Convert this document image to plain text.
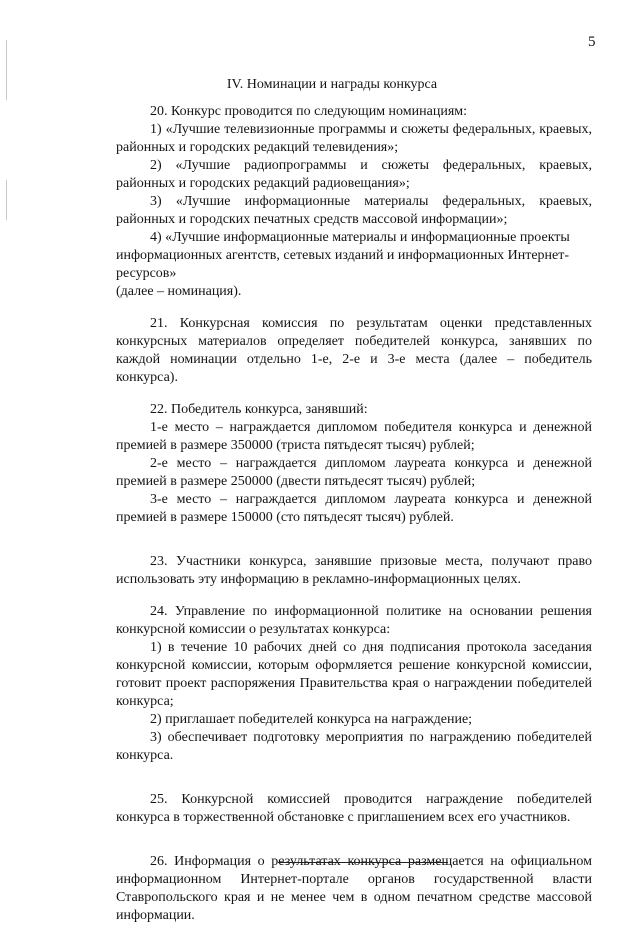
5
IV. Номинации и награды конкурса

20. Конкурс проводится по следующим номинациям:

1) «Лучшие телевизионные программы и сюжеты федеральных, краевых, районных и городских редакций телевидения»;

2) «Лучшие радиопрограммы и сюжеты федеральных, краевых, районных и городских редакций радиовещания»;

3) «Лучшие информационные материалы федеральных, краевых, районных и городских печатных средств массовой информации»;

4) «Лучшие информационные материалы и информационные проекты информационных агентств, сетевых изданий и информационных Интернет-ресурсов»

(далее – номинация).

21. Конкурсная комиссия по результатам оценки представленных конкурсных материалов определяет победителей конкурса, занявших по каждой номинации отдельно 1-е, 2-е и 3-е места (далее – победитель конкурса).

22. Победитель конкурса, занявший:

1-е место – награждается дипломом победителя конкурса и денежной премией в размере 350000 (триста пятьдесят тысяч) рублей;

2-е место – награждается дипломом лауреата конкурса и денежной премией в размере 250000 (двести пятьдесят тысяч) рублей;

3-е место – награждается дипломом лауреата конкурса и денежной премией в размере 150000 (сто пятьдесят тысяч) рублей.

23. Участники конкурса, занявшие призовые места, получают право использовать эту информацию в рекламно-информационных целях.

24. Управление по информационной политике на основании решения конкурсной комиссии о результатах конкурса:

1) в течение 10 рабочих дней со дня подписания протокола заседания конкурсной комиссии, которым оформляется решение конкурсной комиссии, готовит проект распоряжения Правительства края о награждении победителей конкурса;

2) приглашает победителей конкурса на награждение;

3) обеспечивает подготовку мероприятия по награждению победителей конкурса.

25. Конкурсной комиссией проводится награждение победителей конкурса в торжественной обстановке с приглашением всех его участников.

26. Информация о результатах конкурса размещается на официальном информационном Интернет-портале органов государственной власти Ставропольского края и не менее чем в одном печатном средстве массовой информации.
